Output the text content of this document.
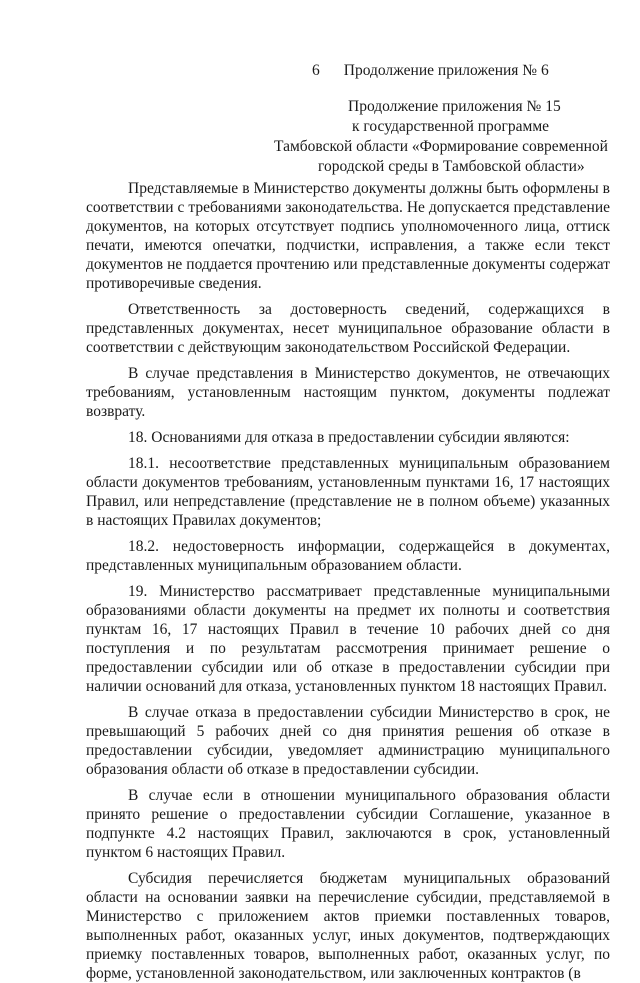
6 Продолжение приложения № 6
Продолжение приложения № 15
к государственной программе
Тамбовской области «Формирование современной
городской среды в Тамбовской области»

Представляемые в Министерство документы должны быть оформлены в соответствии с требованиями законодательства. Не допускается представление документов, на которых отсутствует подпись уполномоченного лица, оттиск печати, имеются опечатки, подчистки, исправления, а также если текст документов не поддается прочтению или представленные документы содержат противоречивые сведения.

Ответственность за достоверность сведений, содержащихся в представленных документах, несет муниципальное образование области в соответствии с действующим законодательством Российской Федерации.

В случае представления в Министерство документов, не отвечающих требованиям, установленным настоящим пунктом, документы подлежат возврату.

18. Основаниями для отказа в предоставлении субсидии являются:

18.1. несоответствие представленных муниципальным образованием области документов требованиям, установленным пунктами 16, 17 настоящих Правил, или непредставление (представление не в полном объеме) указанных в настоящих Правилах документов;

18.2. недостоверность информации, содержащейся в документах, представленных муниципальным образованием области.

19. Министерство рассматривает представленные муниципальными образованиями области документы на предмет их полноты и соответствия пунктам 16, 17 настоящих Правил в течение 10 рабочих дней со дня поступления и по результатам рассмотрения принимает решение о предоставлении субсидии или об отказе в предоставлении субсидии при наличии оснований для отказа, установленных пунктом 18 настоящих Правил.

В случае отказа в предоставлении субсидии Министерство в срок, не превышающий 5 рабочих дней со дня принятия решения об отказе в предоставлении субсидии, уведомляет администрацию муниципального образования области об отказе в предоставлении субсидии.

В случае если в отношении муниципального образования области принято решение о предоставлении субсидии Соглашение, указанное в подпункте 4.2 настоящих Правил, заключаются в срок, установленный пунктом 6 настоящих Правил.

Субсидия перечисляется бюджетам муниципальных образований области на основании заявки на перечисление субсидии, представляемой в Министерство с приложением актов приемки поставленных товаров, выполненных работ, оказанных услуг, иных документов, подтверждающих приемку поставленных товаров, выполненных работ, оказанных услуг, по форме, установленной законодательством, или заключенных контрактов (в
